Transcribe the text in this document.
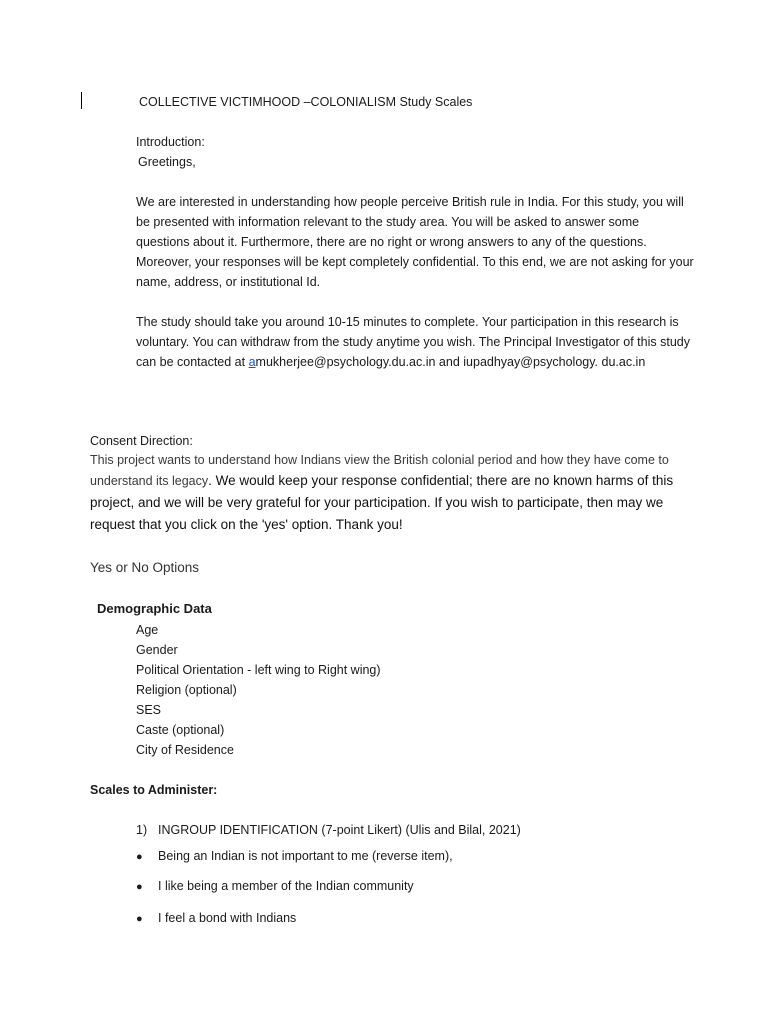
COLLECTIVE VICTIMHOOD –COLONIALISM Study Scales
Introduction:
Greetings,
We are interested in understanding how people perceive British rule in India. For this study, you will be presented with information relevant to the study area. You will be asked to answer some questions about it. Furthermore, there are no right or wrong answers to any of the questions. Moreover, your responses will be kept completely confidential. To this end, we are not asking for your name, address, or institutional Id.
The study should take you around 10-15 minutes to complete. Your participation in this research is voluntary. You can withdraw from the study anytime you wish. The Principal Investigator of this study can be contacted at amukherjee@psychology.du.ac.in and iupadhyay@psychology. du.ac.in
Consent Direction:
This project wants to understand how Indians view the British colonial period and how they have come to understand its legacy. We would keep your response confidential; there are no known harms of this project, and we will be very grateful for your participation. If you wish to participate, then may we request that you click on the 'yes' option. Thank you!
Yes or No Options
Demographic Data
Age
Gender
Political Orientation - left wing to Right wing)
Religion (optional)
SES
Caste (optional)
City of Residence
Scales to Administer:
1) INGROUP IDENTIFICATION (7-point Likert) (Ulis and Bilal, 2021)
● Being an Indian is not important to me (reverse item),
● I like being a member of the Indian community
● I feel a bond with Indians
